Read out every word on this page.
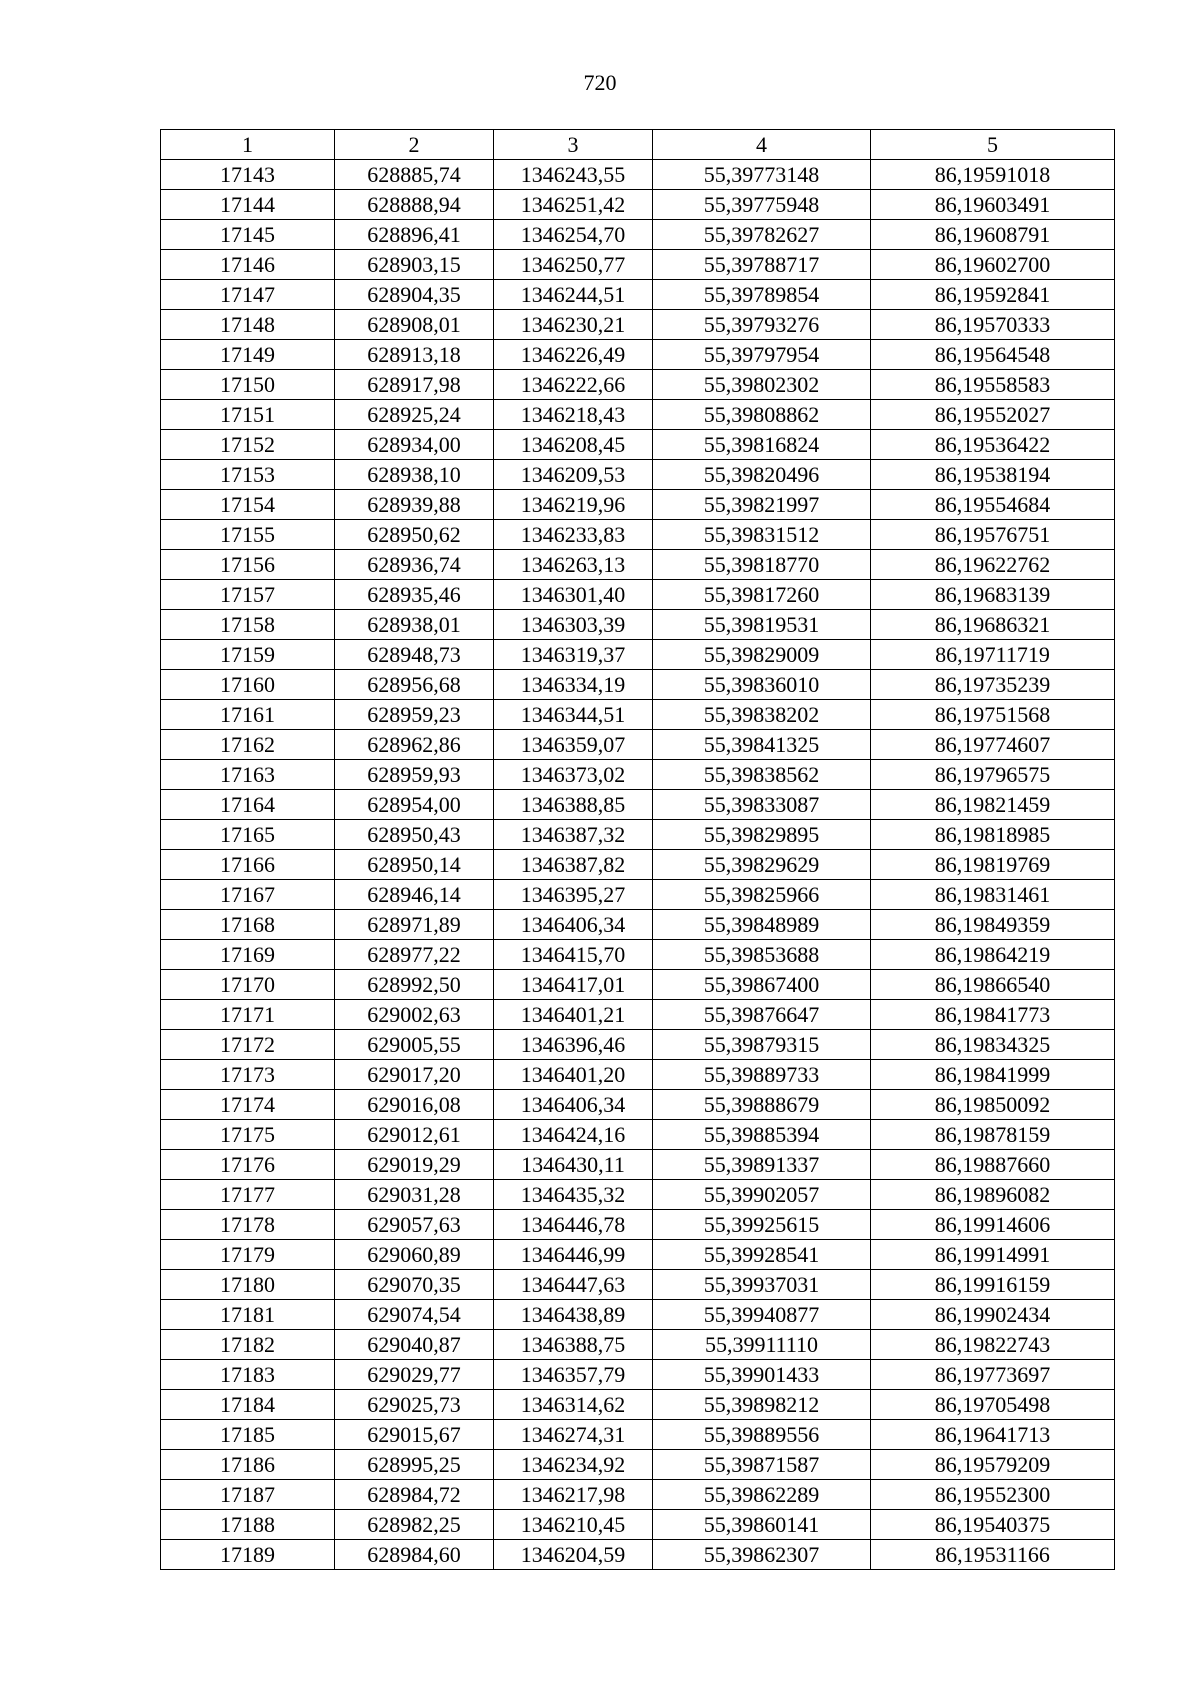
720
1	2	3	4	5
17143	628885,74	1346243,55	55,39773148	86,19591018
17144	628888,94	1346251,42	55,39775948	86,19603491
17145	628896,41	1346254,70	55,39782627	86,19608791
17146	628903,15	1346250,77	55,39788717	86,19602700
17147	628904,35	1346244,51	55,39789854	86,19592841
17148	628908,01	1346230,21	55,39793276	86,19570333
17149	628913,18	1346226,49	55,39797954	86,19564548
17150	628917,98	1346222,66	55,39802302	86,19558583
17151	628925,24	1346218,43	55,39808862	86,19552027
17152	628934,00	1346208,45	55,39816824	86,19536422
17153	628938,10	1346209,53	55,39820496	86,19538194
17154	628939,88	1346219,96	55,39821997	86,19554684
17155	628950,62	1346233,83	55,39831512	86,19576751
17156	628936,74	1346263,13	55,39818770	86,19622762
17157	628935,46	1346301,40	55,39817260	86,19683139
17158	628938,01	1346303,39	55,39819531	86,19686321
17159	628948,73	1346319,37	55,39829009	86,19711719
17160	628956,68	1346334,19	55,39836010	86,19735239
17161	628959,23	1346344,51	55,39838202	86,19751568
17162	628962,86	1346359,07	55,39841325	86,19774607
17163	628959,93	1346373,02	55,39838562	86,19796575
17164	628954,00	1346388,85	55,39833087	86,19821459
17165	628950,43	1346387,32	55,39829895	86,19818985
17166	628950,14	1346387,82	55,39829629	86,19819769
17167	628946,14	1346395,27	55,39825966	86,19831461
17168	628971,89	1346406,34	55,39848989	86,19849359
17169	628977,22	1346415,70	55,39853688	86,19864219
17170	628992,50	1346417,01	55,39867400	86,19866540
17171	629002,63	1346401,21	55,39876647	86,19841773
17172	629005,55	1346396,46	55,39879315	86,19834325
17173	629017,20	1346401,20	55,39889733	86,19841999
17174	629016,08	1346406,34	55,39888679	86,19850092
17175	629012,61	1346424,16	55,39885394	86,19878159
17176	629019,29	1346430,11	55,39891337	86,19887660
17177	629031,28	1346435,32	55,39902057	86,19896082
17178	629057,63	1346446,78	55,39925615	86,19914606
17179	629060,89	1346446,99	55,39928541	86,19914991
17180	629070,35	1346447,63	55,39937031	86,19916159
17181	629074,54	1346438,89	55,39940877	86,19902434
17182	629040,87	1346388,75	55,39911110	86,19822743
17183	629029,77	1346357,79	55,39901433	86,19773697
17184	629025,73	1346314,62	55,39898212	86,19705498
17185	629015,67	1346274,31	55,39889556	86,19641713
17186	628995,25	1346234,92	55,39871587	86,19579209
17187	628984,72	1346217,98	55,39862289	86,19552300
17188	628982,25	1346210,45	55,39860141	86,19540375
17189	628984,60	1346204,59	55,39862307	86,19531166
